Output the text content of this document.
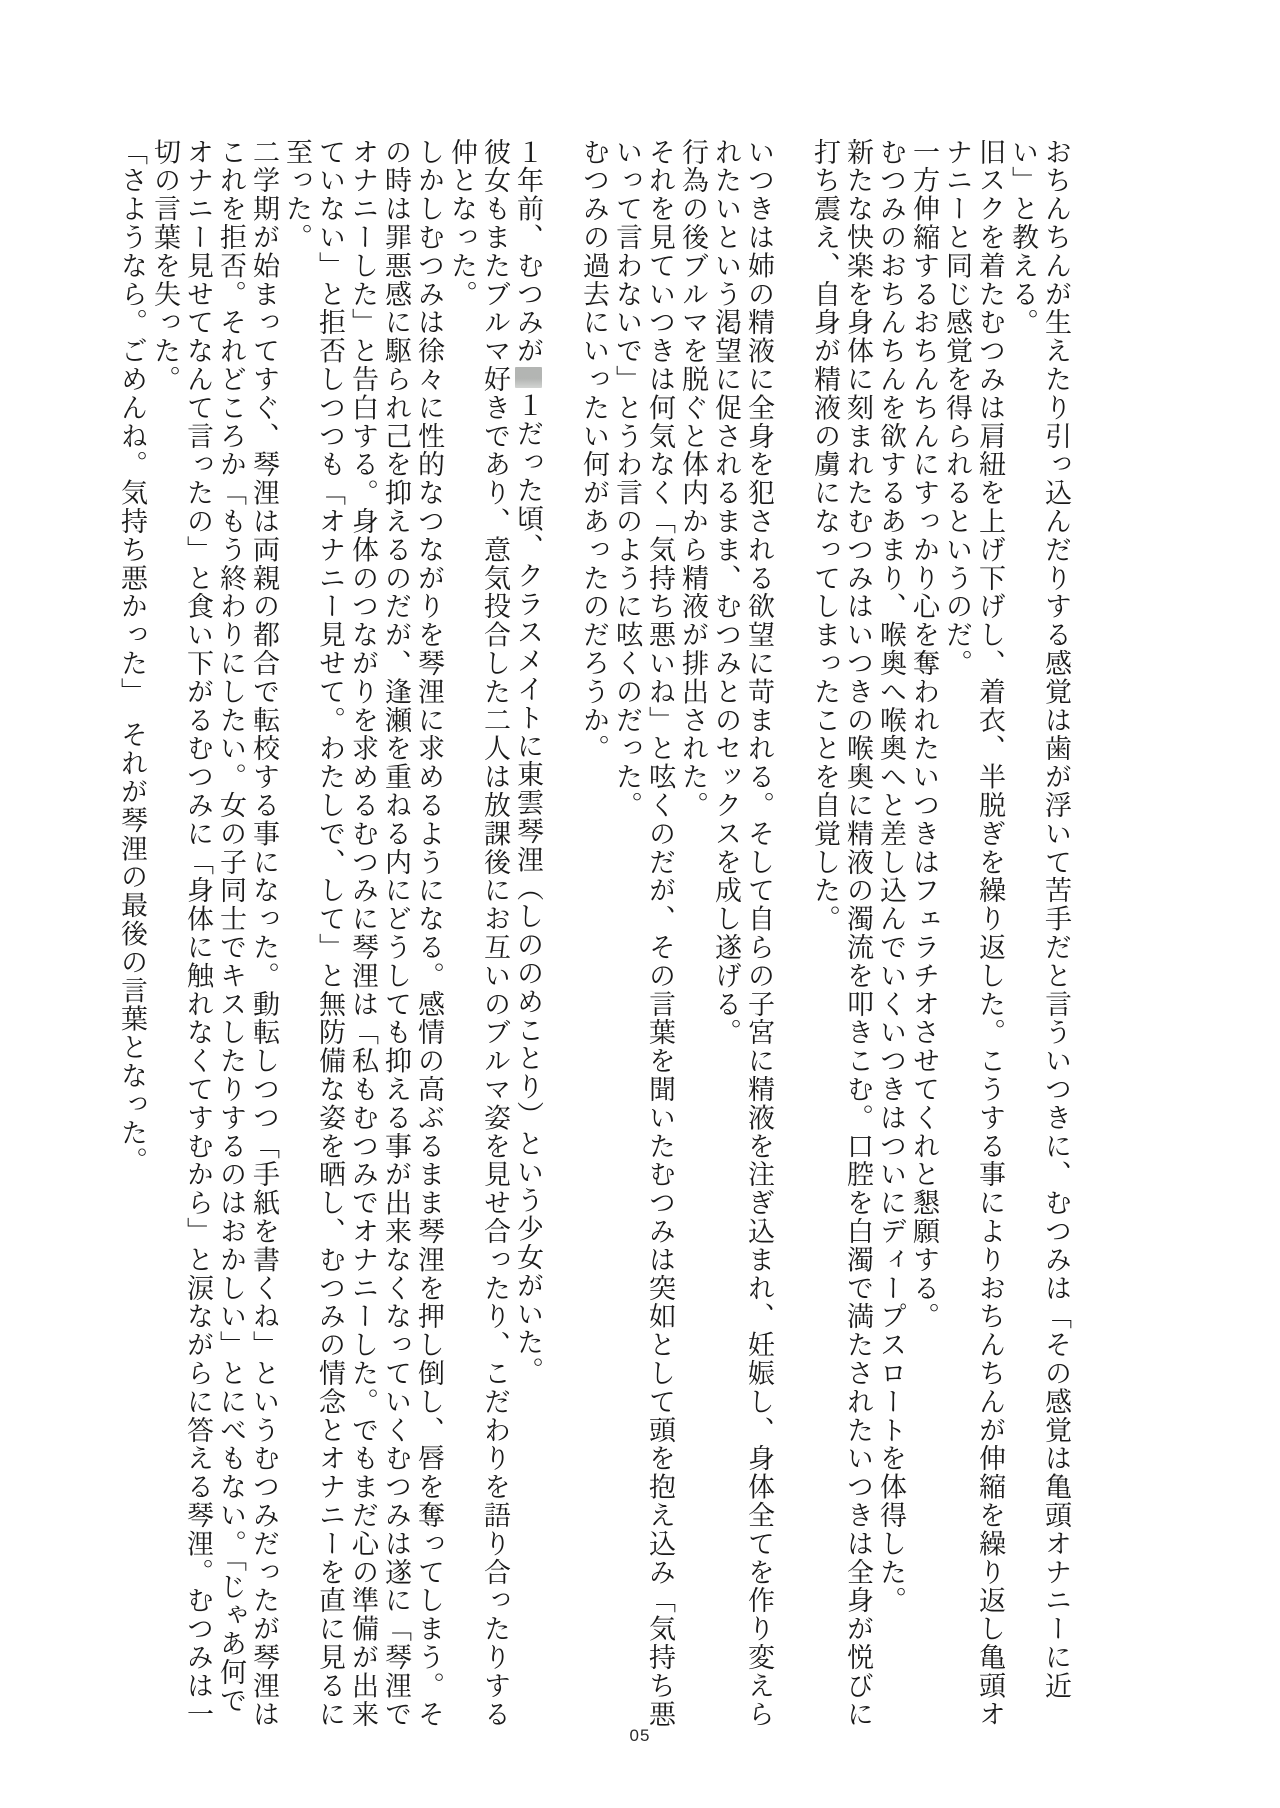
おちんちんが生えたり引っ込んだりする感覚は歯が浮いて苦手だと言ういつきに、むつみは「その感覚は亀頭オナニーに近
い」と教える。
旧スクを着たむつみは肩紐を上げ下げし、着衣、半脱ぎを繰り返した。こうする事によりおちんちんが伸縮を繰り返し亀頭オ
ナニーと同じ感覚を得られるというのだ。
一方伸縮するおちんちんにすっかり心を奪われたいつきはフェラチオさせてくれと懇願する。
むつみのおちんちんを欲するあまり、喉奥へ喉奥へと差し込んでいくいつきはついにディープスロートを体得した。
新たな快楽を身体に刻まれたむつみはいつきの喉奥に精液の濁流を叩きこむ。口腔を白濁で満たされたいつきは全身が悦びに
打ち震え、自身が精液の虜になってしまったことを自覚した。
いつきは姉の精液に全身を犯される欲望に苛まれる。そして自らの子宮に精液を注ぎ込まれ、妊娠し、身体全てを作り変えら
れたいという渇望に促されるまま、むつみとのセックスを成し遂げる。
行為の後ブルマを脱ぐと体内から精液が排出された。
それを見ていつきは何気なく「気持ち悪いね」と呟くのだが、その言葉を聞いたむつみは突如として頭を抱え込み「気持ち悪
いって言わないで」とうわ言のように呟くのだった。
むつみの過去にいったい何があったのだろうか。
１年前、むつみが１だった頃、クラスメイトに東雲琴浬（しののめことり）という少女がいた。
彼女もまたブルマ好きであり、意気投合した二人は放課後にお互いのブルマ姿を見せ合ったり、こだわりを語り合ったりする
仲となった。
しかしむつみは徐々に性的なつながりを琴浬に求めるようになる。感情の高ぶるまま琴浬を押し倒し、唇を奪ってしまう。そ
の時は罪悪感に駆られ己を抑えるのだが、逢瀬を重ねる内にどうしても抑える事が出来なくなっていくむつみは遂に「琴浬で
オナニーした」と告白する。身体のつながりを求めるむつみに琴浬は「私もむつみでオナニーした。でもまだ心の準備が出来
ていない」と拒否しつつも「オナニー見せて。わたしで、して」と無防備な姿を晒し、むつみの情念とオナニーを直に見るに
至った。
二学期が始まってすぐ、琴浬は両親の都合で転校する事になった。動転しつつ「手紙を書くね」というむつみだったが琴浬は
これを拒否。それどころか「もう終わりにしたい。女の子同士でキスしたりするのはおかしい」とにべもない。「じゃあ何で
オナニー見せてなんて言ったの」と食い下がるむつみに「身体に触れなくてすむから」と涙ながらに答える琴浬。むつみは一
切の言葉を失った。
「さようなら。ごめんね。気持ち悪かった」　それが琴浬の最後の言葉となった。
05
